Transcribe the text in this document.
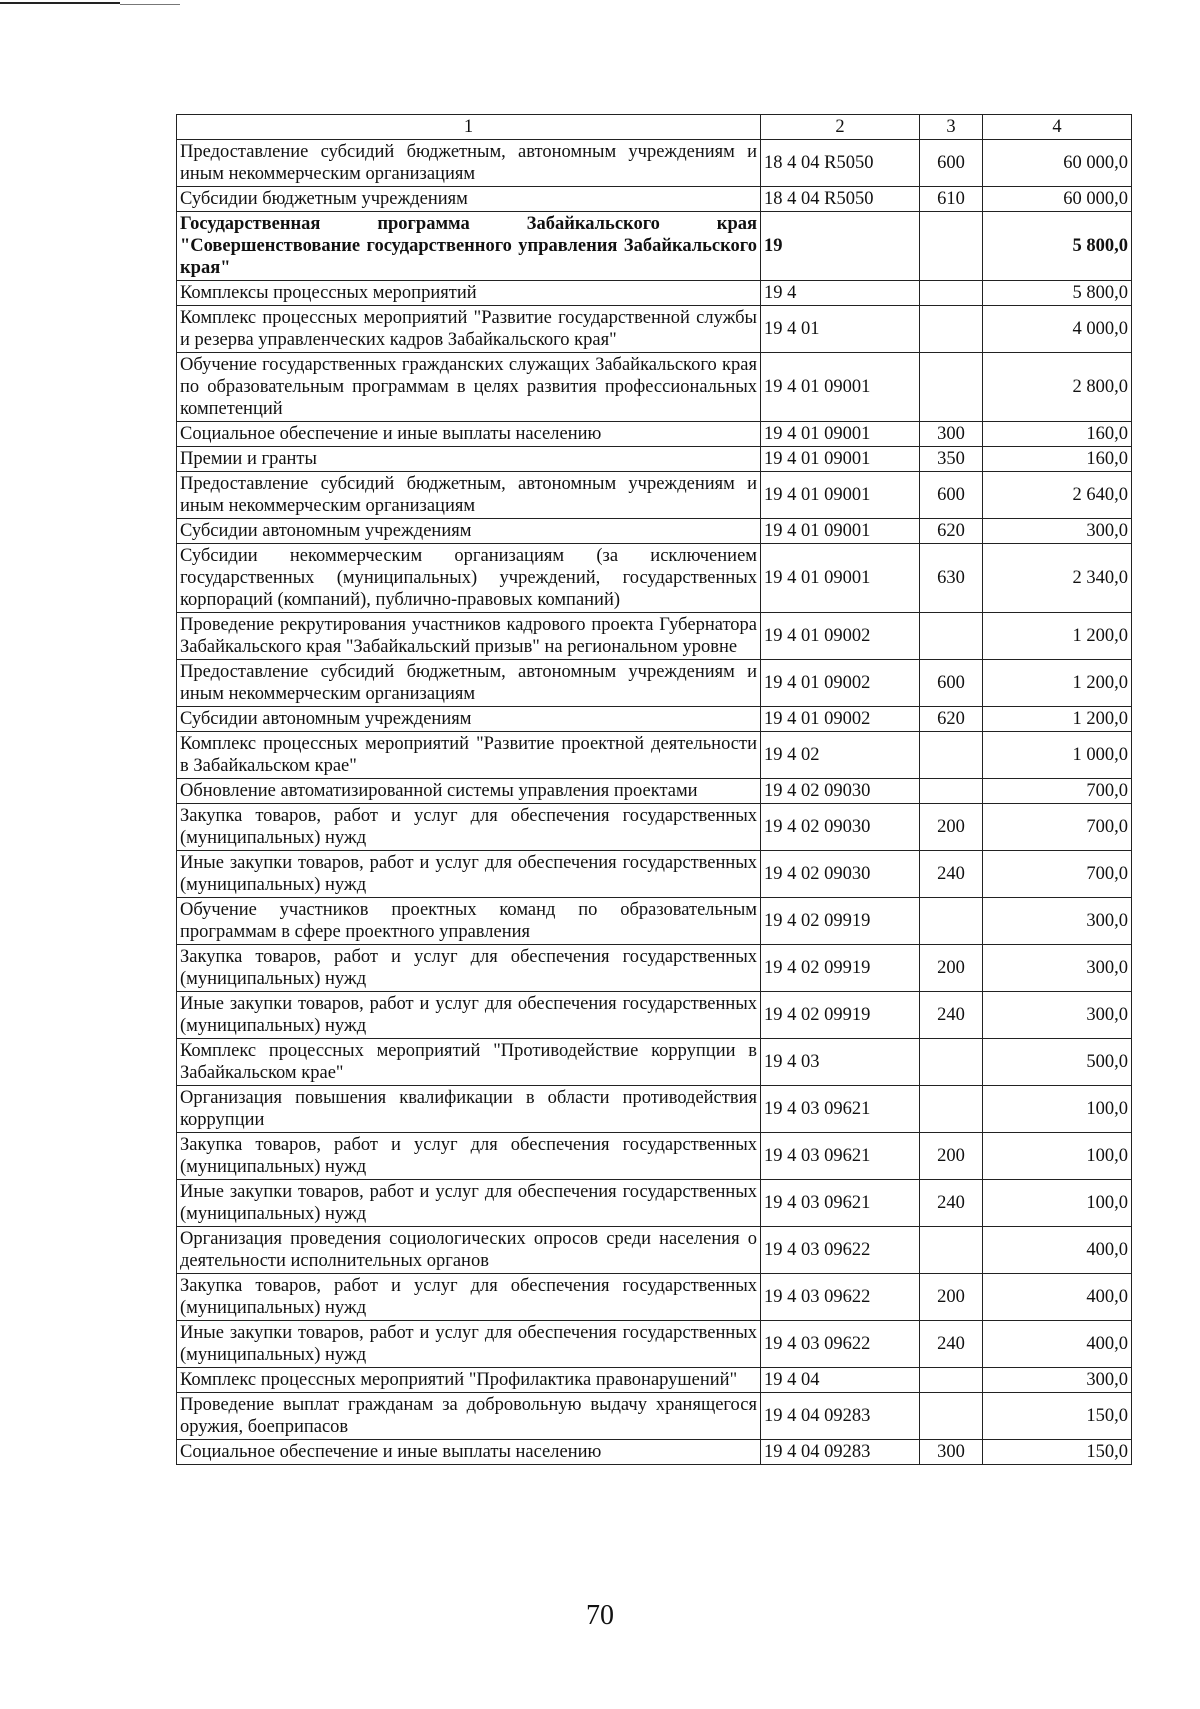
1	2	3	4
Предоставление субсидий бюджетным, автономным учреждениям и иным некоммерческим организациям	18 4 04 R5050	600	60 000,0
Субсидии бюджетным учреждениям	18 4 04 R5050	610	60 000,0
Государственная программа Забайкальского края "Совершенствование государственного управления Забайкальского края"	19		5 800,0
Комплексы процессных мероприятий	19 4		5 800,0
Комплекс процессных мероприятий "Развитие государственной службы и резерва управленческих кадров Забайкальского края"	19 4 01		4 000,0
Обучение государственных гражданских служащих Забайкальского края по образовательным программам в целях развития профессиональных компетенций	19 4 01 09001		2 800,0
Социальное обеспечение и иные выплаты населению	19 4 01 09001	300	160,0
Премии и гранты	19 4 01 09001	350	160,0
Предоставление субсидий бюджетным, автономным учреждениям и иным некоммерческим организациям	19 4 01 09001	600	2 640,0
Субсидии автономным учреждениям	19 4 01 09001	620	300,0
Субсидии некоммерческим организациям (за исключением государственных (муниципальных) учреждений, государственных корпораций (компаний), публично-правовых компаний)	19 4 01 09001	630	2 340,0
Проведение рекрутирования участников кадрового проекта Губернатора Забайкальского края "Забайкальский призыв" на региональном уровне	19 4 01 09002		1 200,0
Предоставление субсидий бюджетным, автономным учреждениям и иным некоммерческим организациям	19 4 01 09002	600	1 200,0
Субсидии автономным учреждениям	19 4 01 09002	620	1 200,0
Комплекс процессных мероприятий "Развитие проектной деятельности в Забайкальском крае"	19 4 02		1 000,0
Обновление автоматизированной системы управления проектами	19 4 02 09030		700,0
Закупка товаров, работ и услуг для обеспечения государственных (муниципальных) нужд	19 4 02 09030	200	700,0
Иные закупки товаров, работ и услуг для обеспечения государственных (муниципальных) нужд	19 4 02 09030	240	700,0
Обучение участников проектных команд по образовательным программам в сфере проектного управления	19 4 02 09919		300,0
Закупка товаров, работ и услуг для обеспечения государственных (муниципальных) нужд	19 4 02 09919	200	300,0
Иные закупки товаров, работ и услуг для обеспечения государственных (муниципальных) нужд	19 4 02 09919	240	300,0
Комплекс процессных мероприятий "Противодействие коррупции в Забайкальском крае"	19 4 03		500,0
Организация повышения квалификации в области противодействия коррупции	19 4 03 09621		100,0
Закупка товаров, работ и услуг для обеспечения государственных (муниципальных) нужд	19 4 03 09621	200	100,0
Иные закупки товаров, работ и услуг для обеспечения государственных (муниципальных) нужд	19 4 03 09621	240	100,0
Организация проведения социологических опросов среди населения о деятельности исполнительных органов	19 4 03 09622		400,0
Закупка товаров, работ и услуг для обеспечения государственных (муниципальных) нужд	19 4 03 09622	200	400,0
Иные закупки товаров, работ и услуг для обеспечения государственных (муниципальных) нужд	19 4 03 09622	240	400,0
Комплекс процессных мероприятий "Профилактика правонарушений"	19 4 04		300,0
Проведение выплат гражданам за добровольную выдачу хранящегося оружия, боеприпасов	19 4 04 09283		150,0
Социальное обеспечение и иные выплаты населению	19 4 04 09283	300	150,0
70
